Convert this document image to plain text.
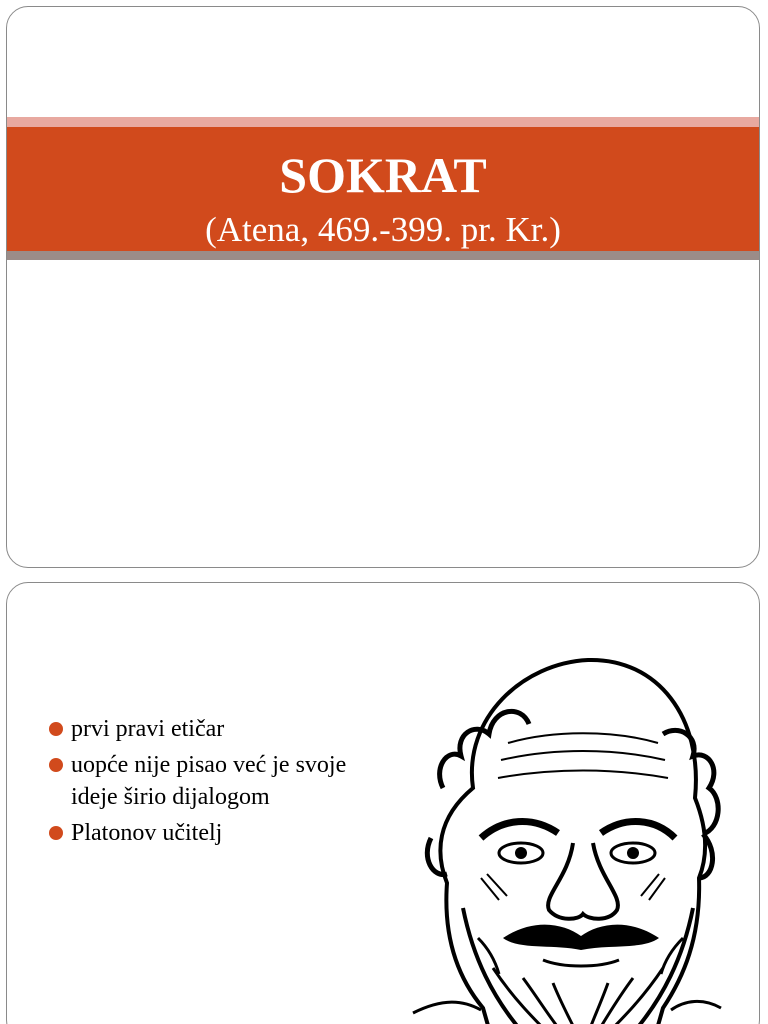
SOKRAT

(Atena, 469.-399. pr. Kr.)

prvi pravi etičar
uopće nije pisao već je svoje ideje širio dijalogom
Platonov učitelj
